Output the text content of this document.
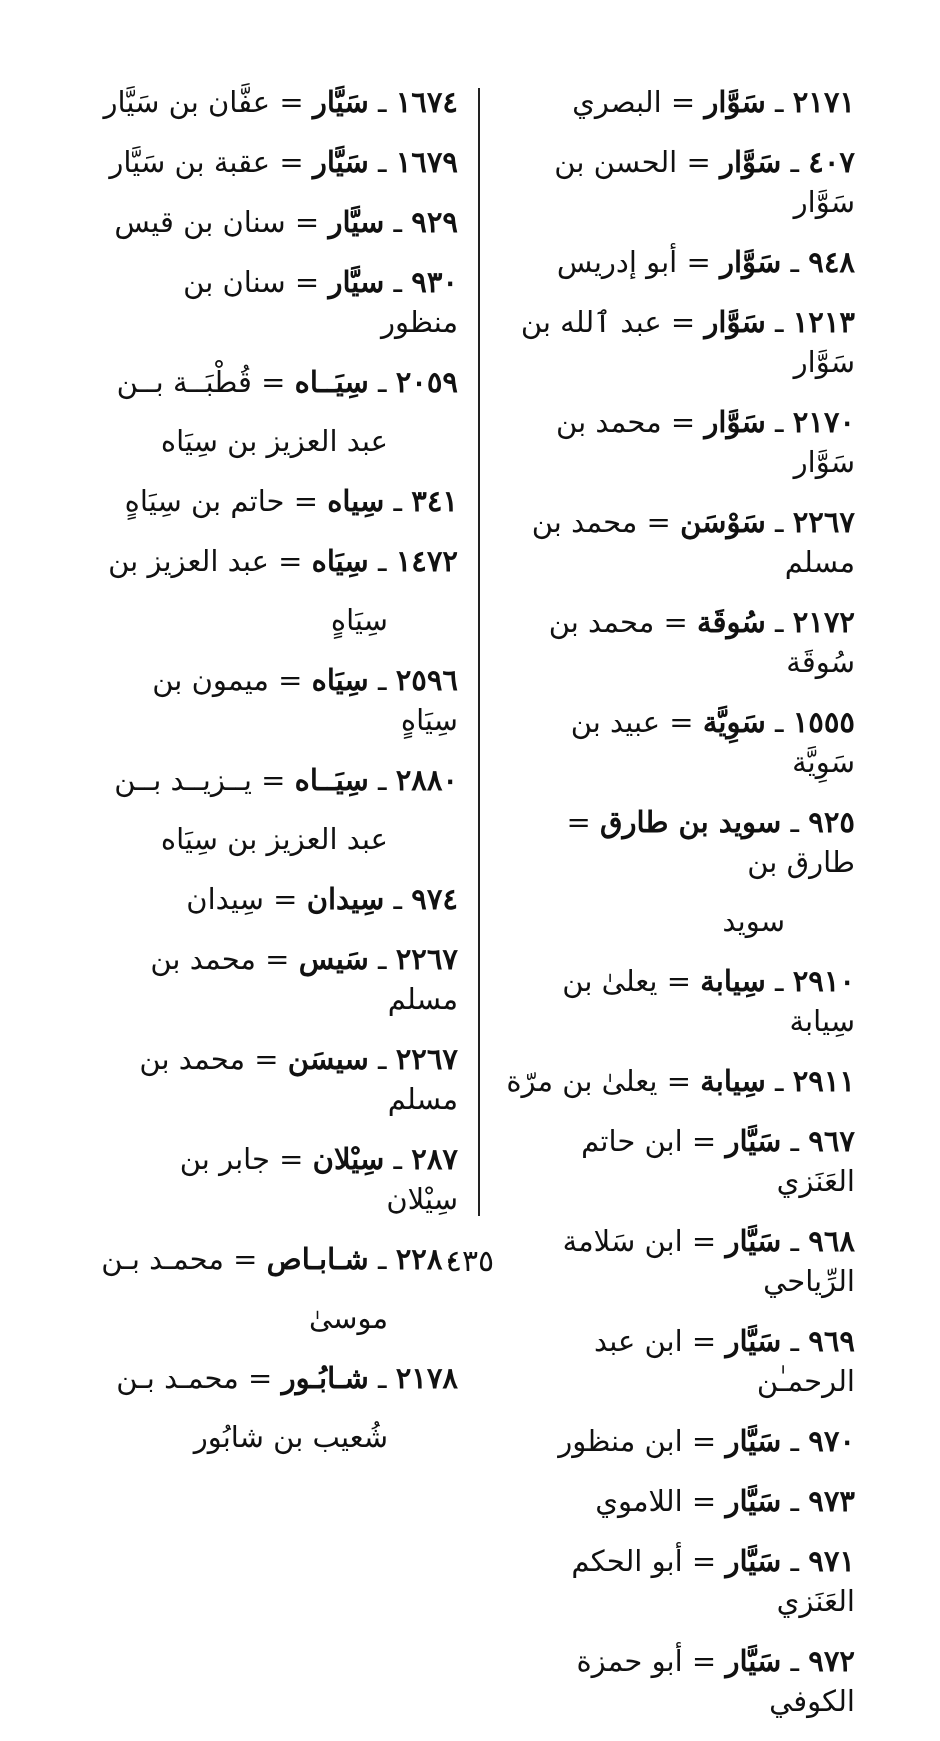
٢١٧١ ـ سَوَّار = البصري
٤٠٧ ـ سَوَّار = الحسن بن سَوَّار
٩٤٨ ـ سَوَّار = أبو إدريس
١٢١٣ ـ سَوَّار = عبد ٱلله بن سَوَّار
٢١٧٠ ـ سَوَّار = محمد بن سَوَّار
٢٢٦٧ ـ سَوْسَن = محمد بن مسلم
٢١٧٢ ـ سُوقَة = محمد بن سُوقَة
١٥٥٥ ـ سَوِيَّة = عبيد بن سَوِيَّة
٩٢٥ ـ سويد بن طارق = طارق بن
سويد
٢٩١٠ ـ سِيابة = يعلىٰ بن سِيابة
٢٩١١ ـ سِيابة = يعلىٰ بن مرّة
٩٦٧ ـ سَيَّار = ابن حاتم العَنَزي
٩٦٨ ـ سَيَّار = ابن سَلامة الرِّياحي
٩٦٩ ـ سَيَّار = ابن عبد الرحمـٰن
٩٧٠ ـ سَيَّار = ابن منظور
٩٧٣ ـ سَيَّار = اللاموي
٩٧١ ـ سَيَّار = أبو الحكم العَنَزي
٩٧٢ ـ سَيَّار = أبو حمزة الكوفي
١٦٧٤ ـ سَيَّار = عفَّان بن سَيَّار
١٦٧٩ ـ سَيَّار = عقبة بن سَيَّار
٩٢٩ ـ سيَّار = سنان بن قيس
٩٣٠ ـ سيَّار = سنان بن منظور
٢٠٥٩ ـ سِيَــاه = قُطْبَــة بــن
عبد العزيز بن سِيَاه
٣٤١ ـ سِياه = حاتم بن سِيَاهٍ
١٤٧٢ ـ سِيَاه = عبد العزيز بن
سِيَاهٍ
٢٥٩٦ ـ سِيَاه = ميمون بن سِيَاهٍ
٢٨٨٠ ـ سِيَــاه = يــزيــد بــن
عبد العزيز بن سِيَاه
٩٧٤ ـ سِيدان = سِيدان
٢٢٦٧ ـ سَيس = محمد بن مسلم
٢٢٦٧ ـ سيسَن = محمد بن مسلم
٢٨٧ ـ سِيْلان = جابر بن سِيْلان
٢٢٨٠ ـ شـابـاص = محمـد بـن
موسىٰ
٢١٧٨ ـ شـابُـور = محمـد بـن
شُعيب بن شابُور
٤٣٥
